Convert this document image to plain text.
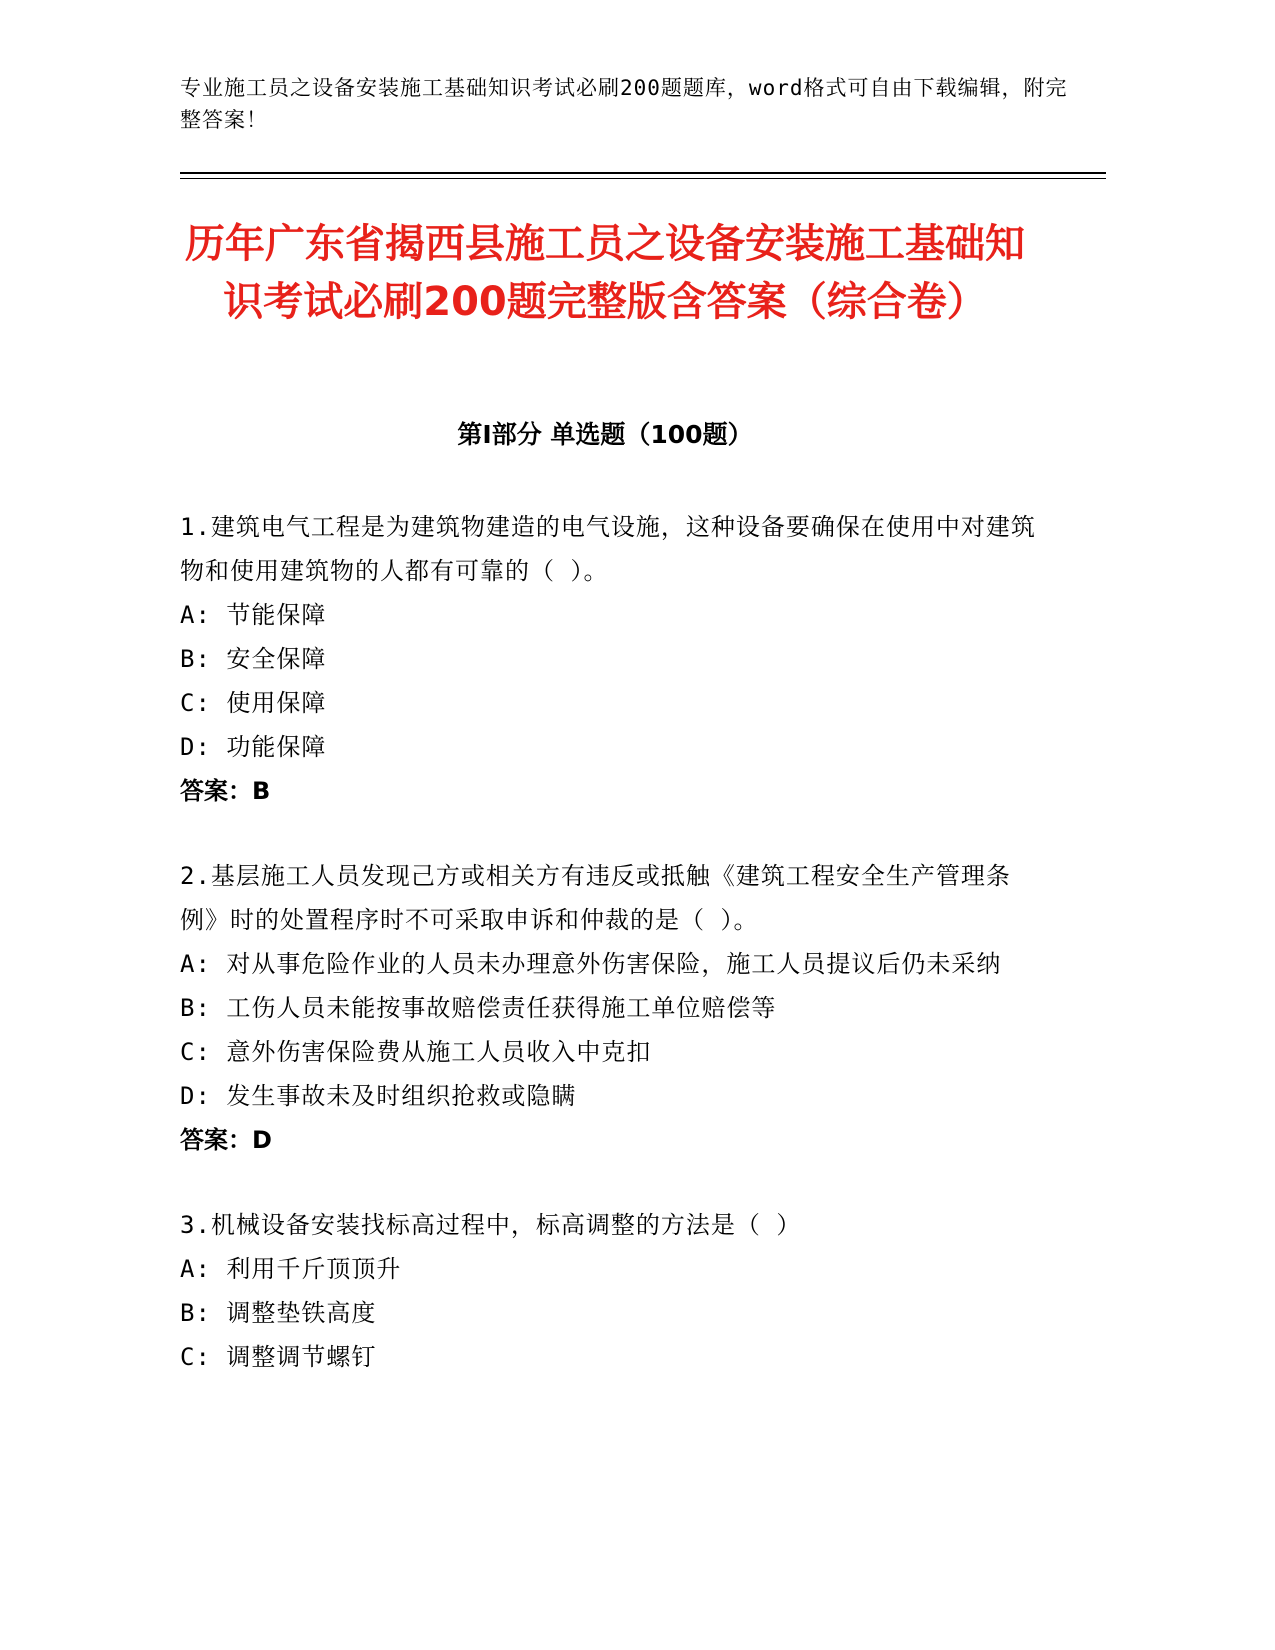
专业施工员之设备安装施工基础知识考试必刷200题题库，word格式可自由下载编辑，附完整答案！
历年广东省揭西县施工员之设备安装施工基础知识考试必刷200题完整版含答案（综合卷）
第Ⅰ部分 单选题（100题）
1.建筑电气工程是为建筑物建造的电气设施，这种设备要确保在使用中对建筑物和使用建筑物的人都有可靠的（ ）。
A: 节能保障
B: 安全保障
C: 使用保障
D: 功能保障
答案：B
2.基层施工人员发现己方或相关方有违反或抵触《建筑工程安全生产管理条例》时的处置程序时不可采取申诉和仲裁的是（ ）。
A: 对从事危险作业的人员未办理意外伤害保险，施工人员提议后仍未采纳
B: 工伤人员未能按事故赔偿责任获得施工单位赔偿等
C: 意外伤害保险费从施工人员收入中克扣
D: 发生事故未及时组织抢救或隐瞒
答案：D
3.机械设备安装找标高过程中，标高调整的方法是（ ）
A: 利用千斤顶顶升
B: 调整垫铁高度
C: 调整调节螺钉
